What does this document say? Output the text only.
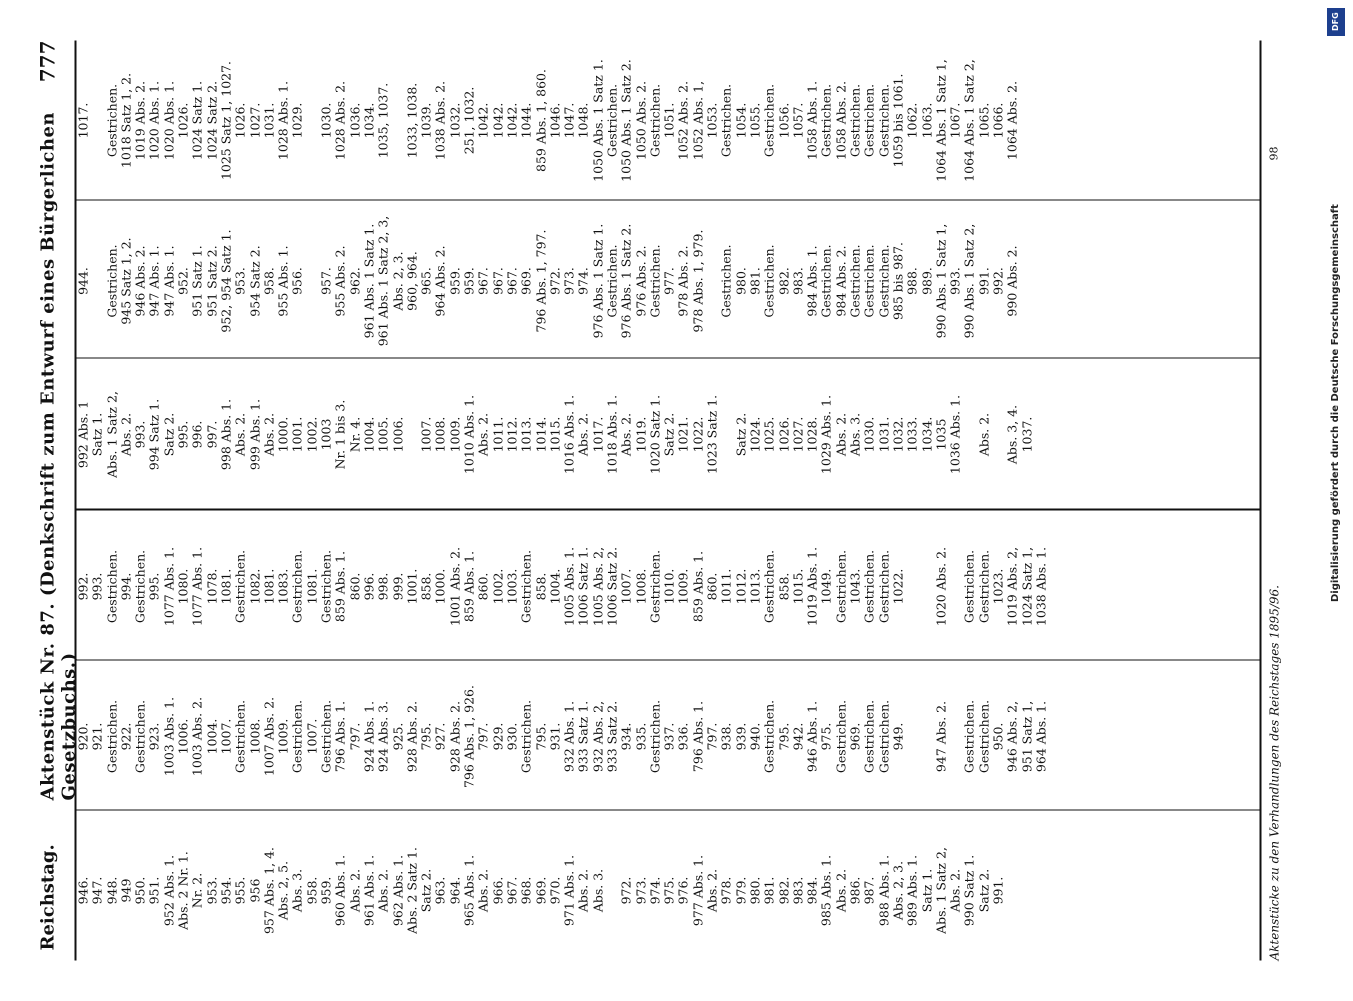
Reichstag.
Aktenstück Nr. 87. (Denkschrift zum Entwurf eines Bürgerlichen Gesetzbuchs.)
777
946.
947.
948.
949
950.
951.
952 Abs. 1.
Abs. 2 Nr. 1.
Nr. 2.
953.
954.
955.
956
957 Abs. 1, 4.
Abs. 2, 5.
Abs. 3.
958.
959.
960 Abs. 1.
Abs. 2.
961 Abs. 1.
Abs. 2.
962 Abs. 1.
Abs. 2 Satz 1.
Satz 2.
963.
964.
965 Abs. 1.
Abs. 2.
966.
967.
968.
969.
970.
971 Abs. 1.
Abs. 2.
Abs. 3.

972.
973.
974.
975.
976.
977 Abs. 1.
Abs. 2.
978.
979.
980.
981.
982.
983.
984.
985 Abs. 1.
Abs. 2.
986.
987.
988 Abs. 1.
Abs. 2, 3.
989 Abs. 1.
Satz 1.
Abs. 1 Satz 2,
Abs. 2.
990 Satz 1.
Satz 2.
991.
920.
921.
Gestrichen.
922.
Gestrichen.
923.
1003 Abs. 1.
1006.
1003 Abs. 2.
1004.
1007.
Gestrichen.
1008.
1007 Abs. 2.
1009.
Gestrichen.
1007.
Gestrichen.
796 Abs. 1.
797.
924 Abs. 1.
924 Abs. 3.
925.
928 Abs. 2.
795.
927.
928 Abs. 2.
796 Abs. 1, 926.
797.
929.
930.
Gestrichen.
795.
931.
932 Abs. 1.
933 Satz 1.
932 Abs. 2,
933 Satz 2.
934.
935.
Gestrichen.
937.
936.
796 Abs. 1.
797.
938.
939.
940.
Gestrichen.
795.
942.
946 Abs. 1.
975.
Gestrichen.
969.
Gestrichen.
Gestrichen.
949.

947 Abs. 2.

Gestrichen.
Gestrichen.
950.
946 Abs. 2,
951 Satz 1,
964 Abs. 1.
992.
993.
Gestrichen.
994.
Gestrichen.
995.
1077 Abs. 1.
1080.
1077 Abs. 1.
1078.
1081.
Gestrichen.
1082.
1081.
1083.
Gestrichen.
1081.
Gestrichen.
859 Abs. 1.
860.
996.
998.
999.
1001.
858.
1000.
1001 Abs. 2.
859 Abs. 1.
860.
1002.
1003.
Gestrichen.
858.
1004.
1005 Abs. 1.
1006 Satz 1.
1005 Abs. 2,
1006 Satz 2.
1007.
1008.
Gestrichen.
1010.
1009.
859 Abs. 1.
860.
1011.
1012.
1013.
Gestrichen.
858.
1015.
1019 Abs. 1.
1049.
Gestrichen.
1043.
Gestrichen.
Gestrichen.
1022.

1020 Abs. 2.

Gestrichen.
Gestrichen.
1023.
1019 Abs. 2,
1024 Satz 1,
1038 Abs. 1.
992 Abs. 1
Satz 1.
Abs. 1 Satz 2,
Abs. 2.
993.
994 Satz 1.
Satz 2.
995.
996.
997.
998 Abs. 1.
Abs. 2.
999 Abs. 1.
Abs. 2.
1000.
1001.
1002.
1003
Nr. 1 bis 3.
Nr. 4.
1004.
1005.
1006.

1007.
1008.
1009.
1010 Abs. 1.
Abs. 2.
1011.
1012.
1013.
1014.
1015.
1016 Abs. 1.
Abs. 2.
1017.
1018 Abs. 1.
Abs. 2.
1019.
1020 Satz 1.
Satz 2.
1021.
1022.
1023 Satz 1.

Satz 2.
1024.
1025.
1026.
1027.
1028.
1029 Abs. 1.
Abs. 2.
Abs. 3.
1030.
1031.
1032.
1033.
1034.
1035
1036 Abs. 1.

Abs. 2.

Abs. 3, 4.
1037.
944.

Gestrichen.
945 Satz 1, 2.
946 Abs. 2.
947 Abs. 1.
947 Abs. 1.
952.
951 Satz 1.
951 Satz 2.
952, 954 Satz 1.
953.
954 Satz 2.
958.
955 Abs. 1.
956.

957.
955 Abs. 2.
962.
961 Abs. 1 Satz 1.
961 Abs. 1 Satz 2, 3,
Abs. 2, 3.
960, 964.
965.
964 Abs. 2.
959.
959.
967.
967.
967.
969.
796 Abs. 1, 797.
972.
973.
974.
976 Abs. 1 Satz 1.
Gestrichen.
976 Abs. 1 Satz 2.
976 Abs. 2.
Gestrichen.
977.
978 Abs. 2.
978 Abs. 1, 979.

Gestrichen.
980.
981.
Gestrichen.
982.
983.
984 Abs. 1.
Gestrichen.
984 Abs. 2.
Gestrichen.
Gestrichen.
Gestrichen.
985 bis 987.
988.
989.
990 Abs. 1 Satz 1,
993.
990 Abs. 1 Satz 2,
991.
992.
990 Abs. 2.
1017.

Gestrichen.
1018 Satz 1, 2.
1019 Abs. 2.
1020 Abs. 1.
1020 Abs. 1.
1026.
1024 Satz 1.
1024 Satz 2.
1025 Satz 1, 1027.
1026.
1027.
1031.
1028 Abs. 1.
1029.

1030.
1028 Abs. 2.
1036.
1034.
1035, 1037.

1033, 1038.
1039.
1038 Abs. 2.
1032.
251, 1032.
1042.
1042.
1042.
1044.
859 Abs. 1, 860.
1046.
1047.
1048.
1050 Abs. 1 Satz 1.
Gestrichen.
1050 Abs. 1 Satz 2.
1050 Abs. 2.
Gestrichen.
1051.
1052 Abs. 2.
1052 Abs. 1,
1053.
Gestrichen.
1054.
1055.
Gestrichen.
1056.
1057.
1058 Abs. 1.
Gestrichen.
1058 Abs. 2.
Gestrichen.
Gestrichen.
Gestrichen.
1059 bis 1061.
1062.
1063.
1064 Abs. 1 Satz 1,
1067.
1064 Abs. 1 Satz 2,
1065.
1066.
1064 Abs. 2.
Aktenstücke zu den Verhandlungen des Reichstages 1895/96.
98
DFG
Digitalisierung gefördert durch die Deutsche Forschungsgemeinschaft
